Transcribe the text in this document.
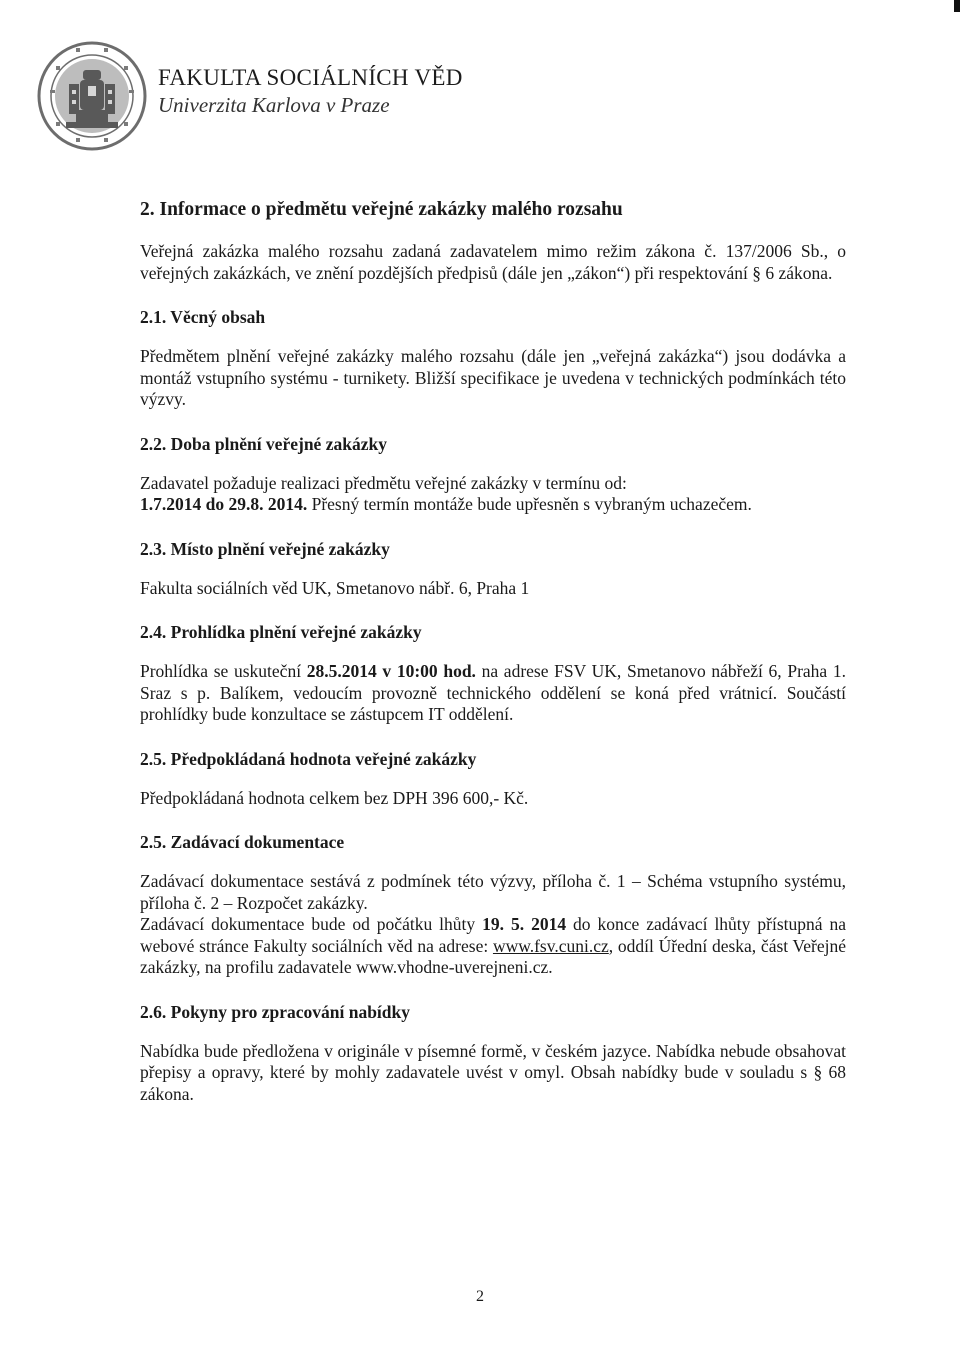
FAKULTA SOCIÁLNÍCH VĚD
Univerzita Karlova v Praze
2. Informace o předmětu veřejné zakázky malého rozsahu

Veřejná zakázka malého rozsahu zadaná zadavatelem mimo režim zákona č. 137/2006 Sb., o veřejných zakázkách, ve znění pozdějších předpisů (dále jen „zákon“) při respektování § 6 zákona.

2.1. Věcný obsah

Předmětem plnění veřejné zakázky malého rozsahu (dále jen „veřejná zakázka“) jsou dodávka a montáž vstupního systému - turnikety. Bližší specifikace je uvedena v technických podmínkách této výzvy.

2.2. Doba plnění veřejné zakázky

Zadavatel požaduje realizaci předmětu veřejné zakázky v termínu od:
1.7.2014 do 29.8. 2014. Přesný termín montáže bude upřesněn s vybraným uchazečem.

2.3. Místo plnění veřejné zakázky

Fakulta sociálních věd UK, Smetanovo nábř. 6, Praha 1

2.4. Prohlídka plnění veřejné zakázky

Prohlídka se uskuteční 28.5.2014 v 10:00 hod. na adrese FSV UK, Smetanovo nábřeží 6, Praha 1. Sraz s p. Balíkem, vedoucím provozně technického oddělení se koná před vrátnicí. Součástí prohlídky bude konzultace se zástupcem IT oddělení.

2.5. Předpokládaná hodnota veřejné zakázky

Předpokládaná hodnota celkem bez DPH 396 600,- Kč.

2.5. Zadávací dokumentace

Zadávací dokumentace sestává z podmínek této výzvy, příloha č. 1 – Schéma vstupního systému, příloha č. 2 – Rozpočet zakázky.

Zadávací dokumentace bude od počátku lhůty 19. 5. 2014 do konce zadávací lhůty přístupná na webové stránce Fakulty sociálních věd na adrese: www.fsv.cuni.cz, oddíl Úřední deska, část Veřejné zakázky, na profilu zadavatele www.vhodne-uverejneni.cz.

2.6. Pokyny pro zpracování nabídky

Nabídka bude předložena v originále v písemné formě, v českém jazyce. Nabídka nebude obsahovat přepisy a opravy, které by mohly zadavatele uvést v omyl. Obsah nabídky bude v souladu s § 68 zákona.

2
